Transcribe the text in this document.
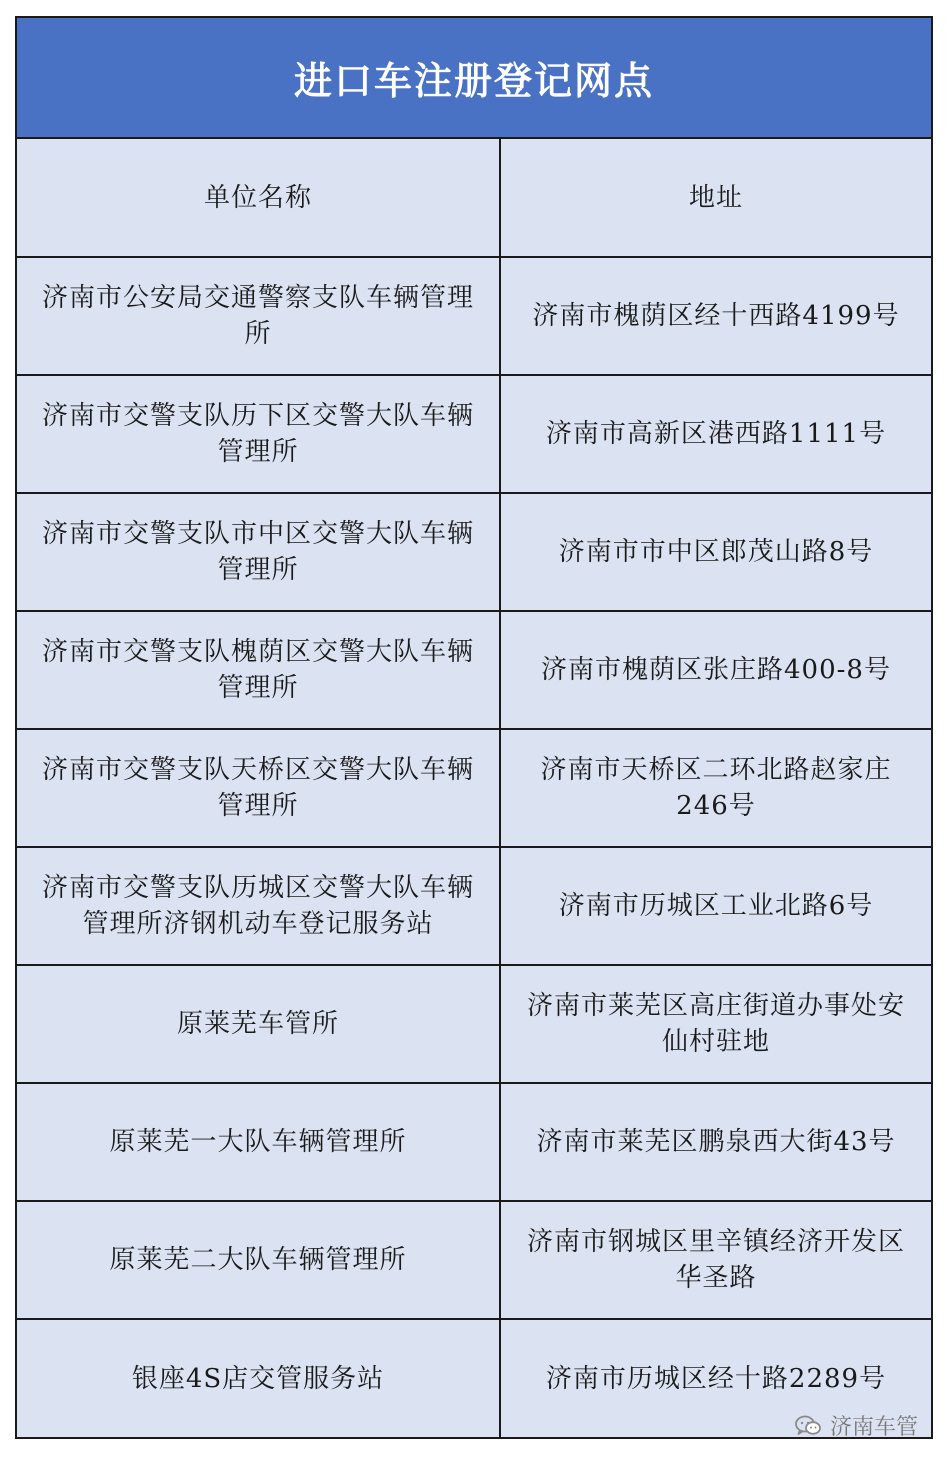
进口车注册登记网点
单位名称	地址
济南市公安局交通警察支队车辆管理所	济南市槐荫区经十西路4199号
济南市交警支队历下区交警大队车辆管理所	济南市高新区港西路1111号
济南市交警支队市中区交警大队车辆管理所	济南市市中区郎茂山路8号
济南市交警支队槐荫区交警大队车辆管理所	济南市槐荫区张庄路400-8号
济南市交警支队天桥区交警大队车辆管理所	济南市天桥区二环北路赵家庄246号
济南市交警支队历城区交警大队车辆管理所济钢机动车登记服务站	济南市历城区工业北路6号
原莱芜车管所	济南市莱芜区高庄街道办事处安仙村驻地
原莱芜一大队车辆管理所	济南市莱芜区鹏泉西大街43号
原莱芜二大队车辆管理所	济南市钢城区里辛镇经济开发区华圣路
银座4S店交管服务站	济南市历城区经十路2289号
济南车管
